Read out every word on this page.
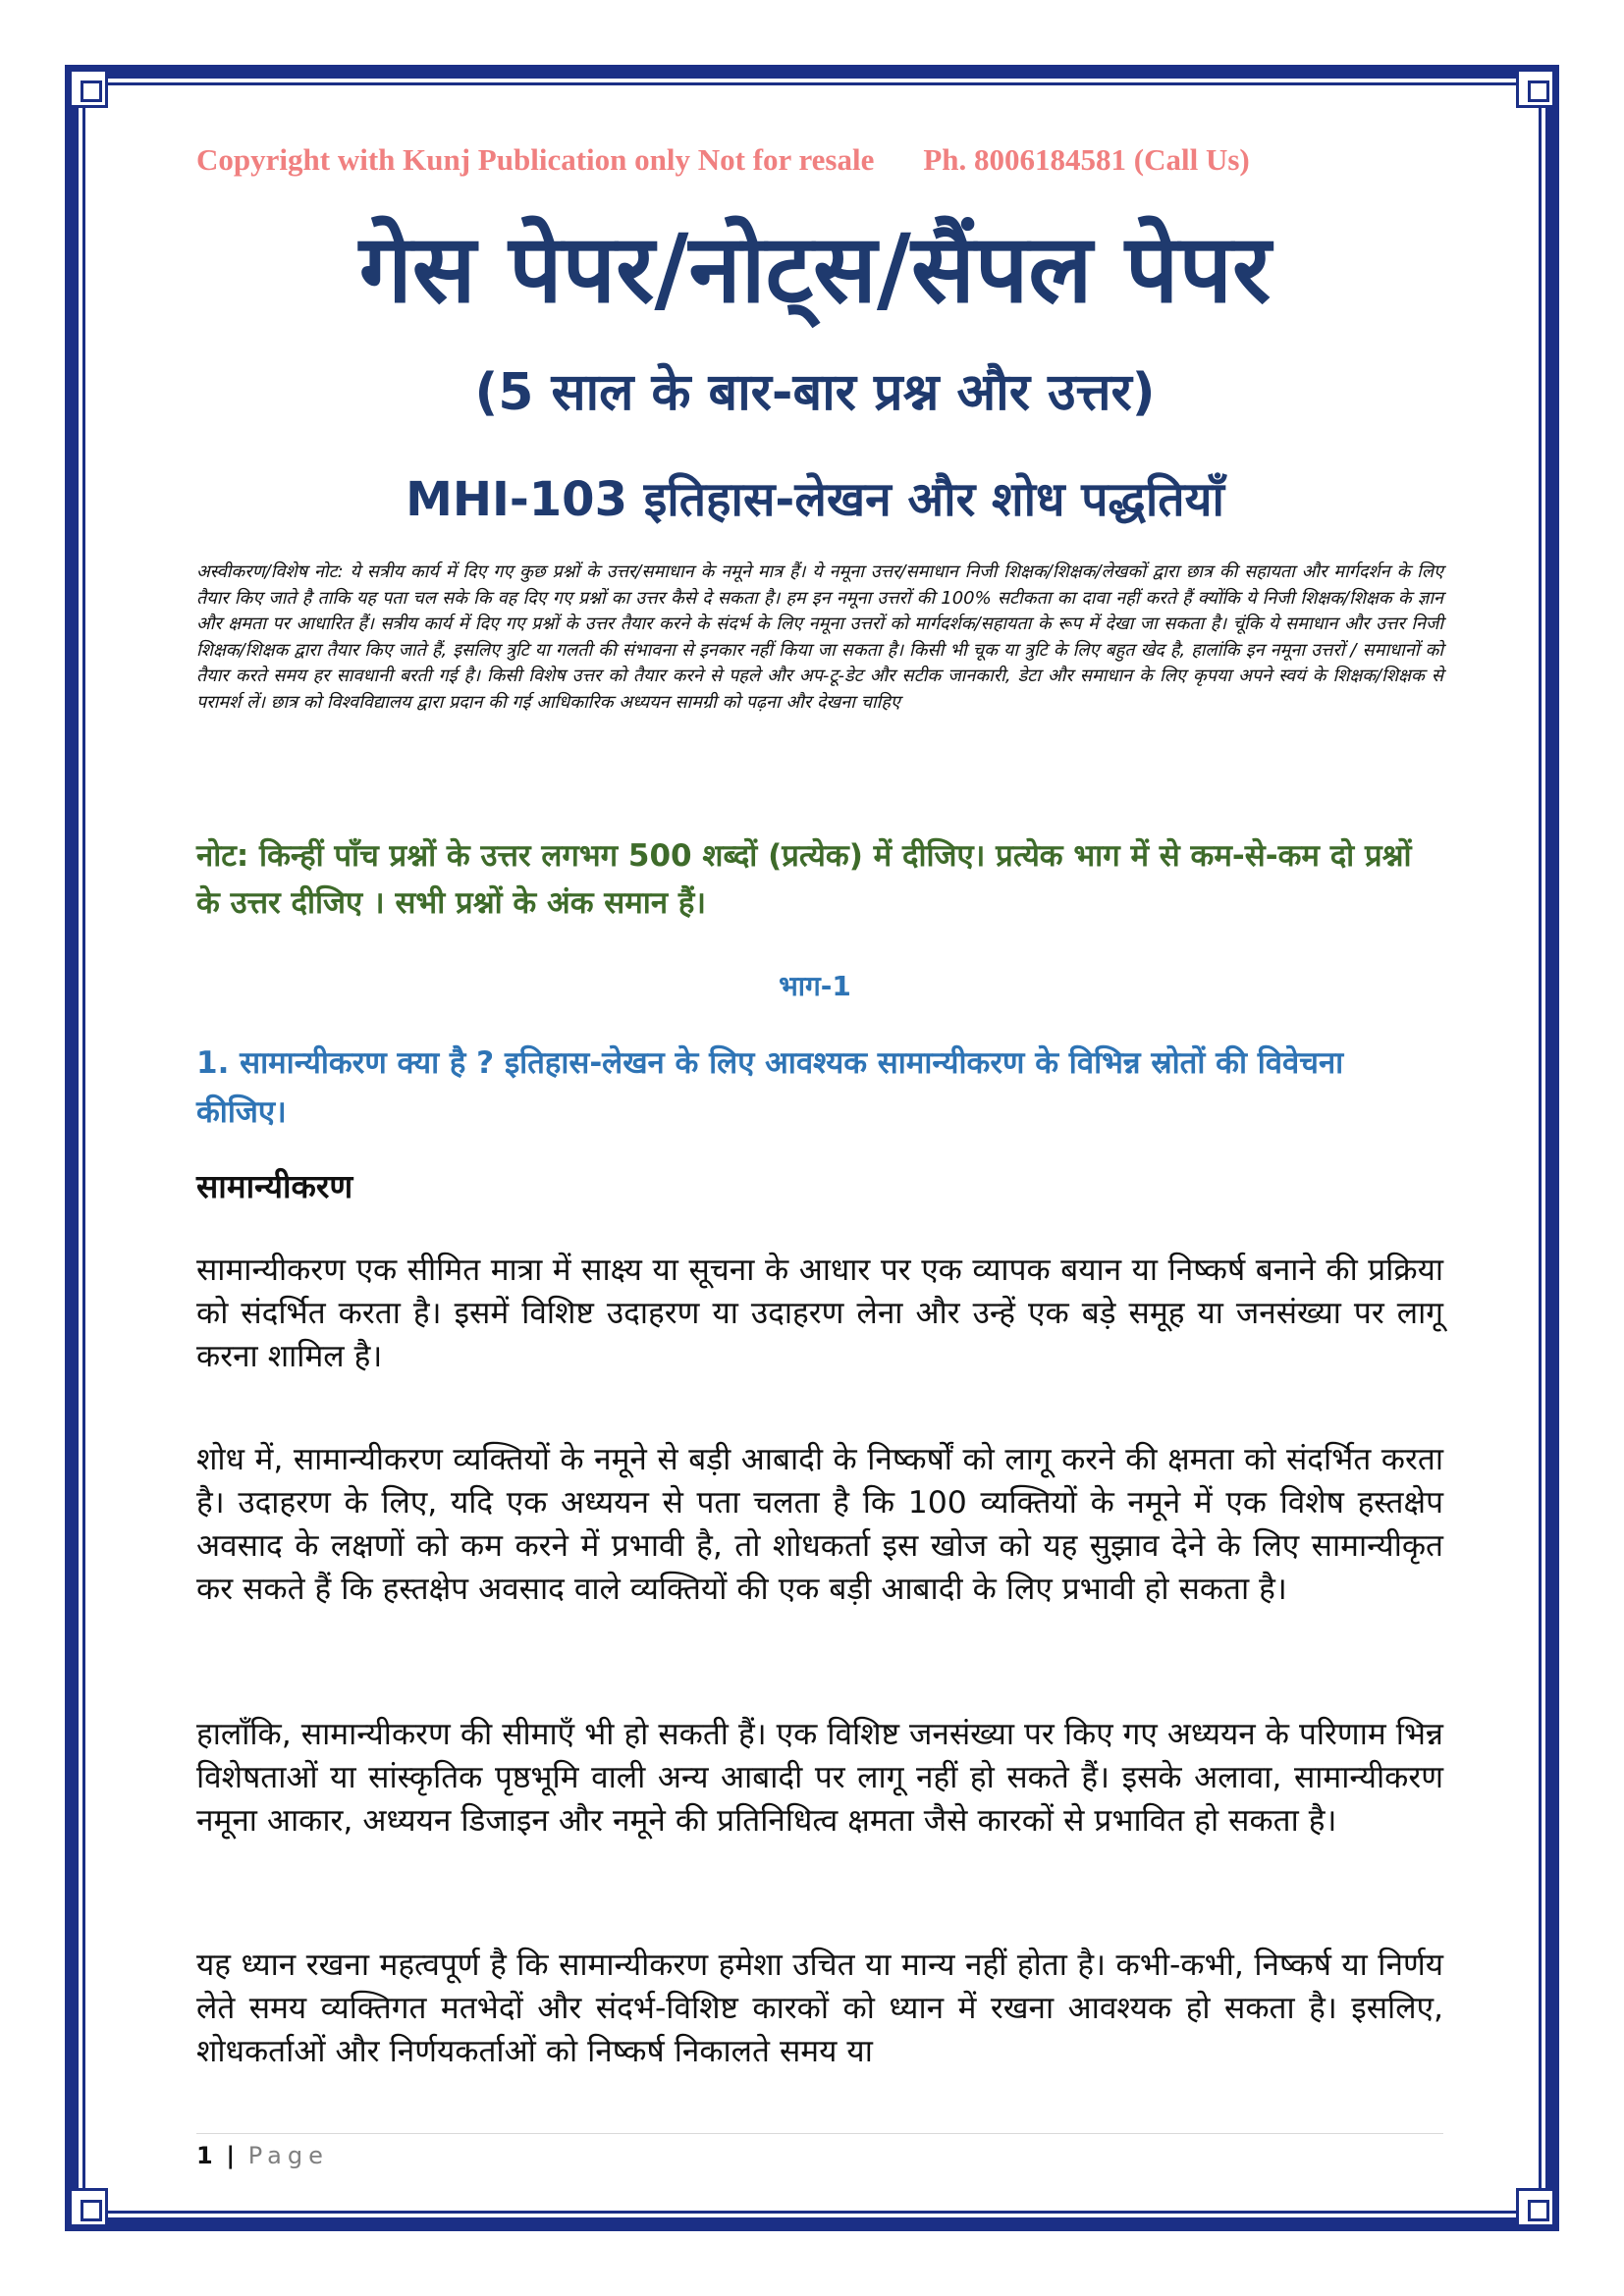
Copyright with Kunj Publication only Not for resale Ph. 8006184581 (Call Us)
गेस पेपर/नोट्स/सैंपल पेपर
(5 साल के बार-बार प्रश्न और उत्तर)
MHI-103 इतिहास-लेखन और शोध पद्धतियाँ
अस्वीकरण/विशेष नोट: ये सत्रीय कार्य में दिए गए कुछ प्रश्नों के उत्तर/समाधान के नमूने मात्र हैं। ये नमूना उत्तर/समाधान निजी शिक्षक/शिक्षक/लेखकों द्वारा छात्र की सहायता और मार्गदर्शन के लिए तैयार किए जाते है ताकि यह पता चल सके कि वह दिए गए प्रश्नों का उत्तर कैसे दे सकता है। हम इन नमूना उत्तरों की 100% सटीकता का दावा नहीं करते हैं क्योंकि ये निजी शिक्षक/शिक्षक के ज्ञान और क्षमता पर आधारित हैं। सत्रीय कार्य में दिए गए प्रश्नों के उत्तर तैयार करने के संदर्भ के लिए नमूना उत्तरों को मार्गदर्शक/सहायता के रूप में देखा जा सकता है। चूंकि ये समाधान और उत्तर निजी शिक्षक/शिक्षक द्वारा तैयार किए जाते हैं, इसलिए त्रुटि या गलती की संभावना से इनकार नहीं किया जा सकता है। किसी भी चूक या त्रुटि के लिए बहुत खेद है, हालांकि इन नमूना उत्तरों / समाधानों को तैयार करते समय हर सावधानी बरती गई है। किसी विशेष उत्तर को तैयार करने से पहले और अप-टू-डेट और सटीक जानकारी, डेटा और समाधान के लिए कृपया अपने स्वयं के शिक्षक/शिक्षक से परामर्श लें। छात्र को विश्वविद्यालय द्वारा प्रदान की गई आधिकारिक अध्ययन सामग्री को पढ़ना और देखना चाहिए
नोट: किन्हीं पाँच प्रश्नों के उत्तर लगभग 500 शब्दों (प्रत्येक) में दीजिए। प्रत्येक भाग में से कम-से-कम दो प्रश्नों के उत्तर दीजिए । सभी प्रश्नों के अंक समान हैं।
भाग-1
1. सामान्यीकरण क्या है ? इतिहास-लेखन के लिए आवश्यक सामान्यीकरण के विभिन्न स्रोतों की विवेचना कीजिए।
सामान्यीकरण

सामान्यीकरण एक सीमित मात्रा में साक्ष्य या सूचना के आधार पर एक व्यापक बयान या निष्कर्ष बनाने की प्रक्रिया को संदर्भित करता है। इसमें विशिष्ट उदाहरण या उदाहरण लेना और उन्हें एक बड़े समूह या जनसंख्या पर लागू करना शामिल है।

शोध में, सामान्यीकरण व्यक्तियों के नमूने से बड़ी आबादी के निष्कर्षों को लागू करने की क्षमता को संदर्भित करता है। उदाहरण के लिए, यदि एक अध्ययन से पता चलता है कि 100 व्यक्तियों के नमूने में एक विशेष हस्तक्षेप अवसाद के लक्षणों को कम करने में प्रभावी है, तो शोधकर्ता इस खोज को यह सुझाव देने के लिए सामान्यीकृत कर सकते हैं कि हस्तक्षेप अवसाद वाले व्यक्तियों की एक बड़ी आबादी के लिए प्रभावी हो सकता है।

हालाँकि, सामान्यीकरण की सीमाएँ भी हो सकती हैं। एक विशिष्ट जनसंख्या पर किए गए अध्ययन के परिणाम भिन्न विशेषताओं या सांस्कृतिक पृष्ठभूमि वाली अन्य आबादी पर लागू नहीं हो सकते हैं। इसके अलावा, सामान्यीकरण नमूना आकार, अध्ययन डिजाइन और नमूने की प्रतिनिधित्व क्षमता जैसे कारकों से प्रभावित हो सकता है।

यह ध्यान रखना महत्वपूर्ण है कि सामान्यीकरण हमेशा उचित या मान्य नहीं होता है। कभी-कभी, निष्कर्ष या निर्णय लेते समय व्यक्तिगत मतभेदों और संदर्भ-विशिष्ट कारकों को ध्यान में रखना आवश्यक हो सकता है। इसलिए, शोधकर्ताओं और निर्णयकर्ताओं को निष्कर्ष निकालते समय या

1 | Page
